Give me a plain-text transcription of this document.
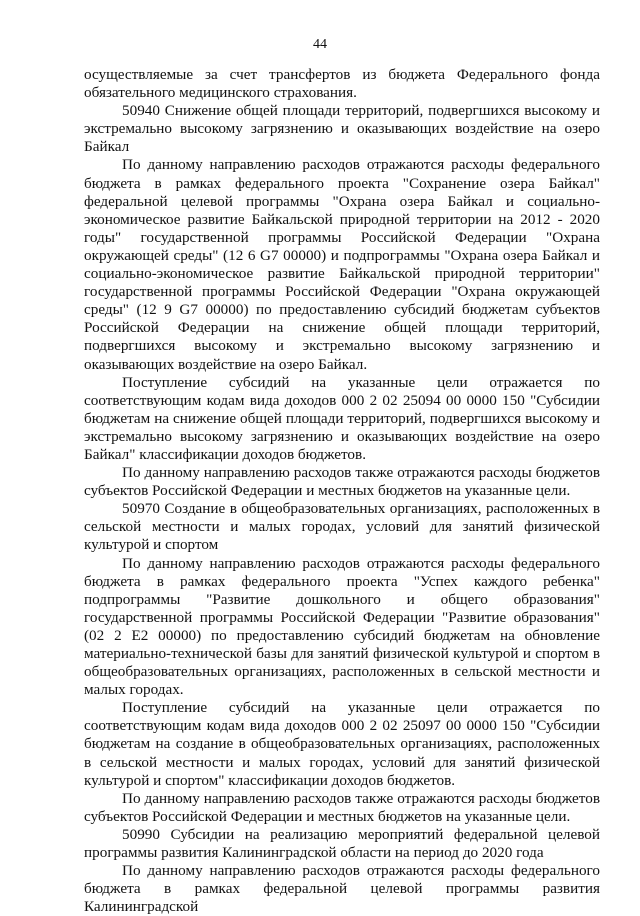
44

осуществляемые за счет трансфертов из бюджета Федерального фонда обязательного медицинского страхования.

50940 Снижение общей площади территорий, подвергшихся высокому и экстремально высокому загрязнению и оказывающих воздействие на озеро Байкал

По данному направлению расходов отражаются расходы федерального бюджета в рамках федерального проекта "Сохранение озера Байкал" федеральной целевой программы "Охрана озера Байкал и социально-экономическое развитие Байкальской природной территории на 2012 - 2020 годы" государственной программы Российской Федерации "Охрана окружающей среды" (12 6 G7 00000) и подпрограммы "Охрана озера Байкал и социально-экономическое развитие Байкальской природной территории" государственной программы Российской Федерации "Охрана окружающей среды" (12 9 G7 00000) по предоставлению субсидий бюджетам субъектов Российской Федерации на снижение общей площади территорий, подвергшихся высокому и экстремально высокому загрязнению и оказывающих воздействие на озеро Байкал.

Поступление субсидий на указанные цели отражается по соответствующим кодам вида доходов 000 2 02 25094 00 0000 150 "Субсидии бюджетам на снижение общей площади территорий, подвергшихся высокому и экстремально высокому загрязнению и оказывающих воздействие на озеро Байкал" классификации доходов бюджетов.

По данному направлению расходов также отражаются расходы бюджетов субъектов Российской Федерации и местных бюджетов на указанные цели.

50970 Создание в общеобразовательных организациях, расположенных в сельской местности и малых городах, условий для занятий физической культурой и спортом

По данному направлению расходов отражаются расходы федерального бюджета в рамках федерального проекта "Успех каждого ребенка" подпрограммы "Развитие дошкольного и общего образования" государственной программы Российской Федерации "Развитие образования" (02 2 E2 00000) по предоставлению субсидий бюджетам на обновление материально-технической базы для занятий физической культурой и спортом в общеобразовательных организациях, расположенных в сельской местности и малых городах.

Поступление субсидий на указанные цели отражается по соответствующим кодам вида доходов 000 2 02 25097 00 0000 150 "Субсидии бюджетам на создание в общеобразовательных организациях, расположенных в сельской местности и малых городах, условий для занятий физической культурой и спортом" классификации доходов бюджетов.

По данному направлению расходов также отражаются расходы бюджетов субъектов Российской Федерации и местных бюджетов на указанные цели.

50990 Субсидии на реализацию мероприятий федеральной целевой программы развития Калининградской области на период до 2020 года

По данному направлению расходов отражаются расходы федерального бюджета в рамках федеральной целевой программы развития Калининградской
